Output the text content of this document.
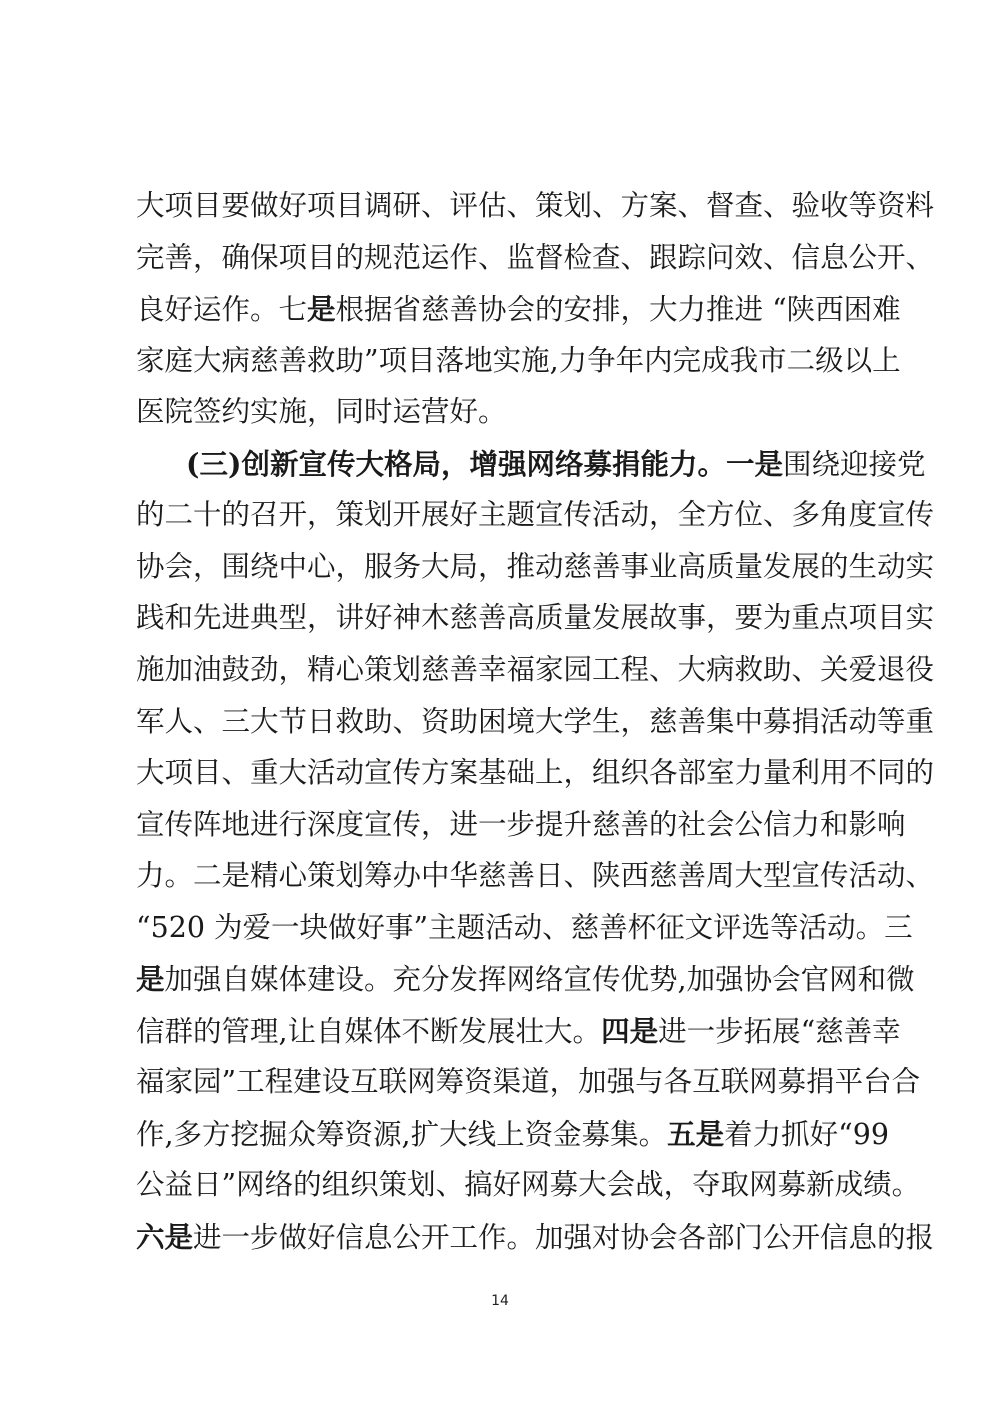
大项目要做好项目调研、评估、策划、方案、督查、验收等资料
完善，确保项目的规范运作、监督检查、跟踪问效、信息公开、
良好运作。七是根据省慈善协会的安排，大力推进 “陕西困难
家庭大病慈善救助”项目落地实施,力争年内完成我市二级以上
医院签约实施，同时运营好。
(三)创新宣传大格局，增强网络募捐能力。一是围绕迎接党
的二十的召开，策划开展好主题宣传活动，全方位、多角度宣传
协会，围绕中心，服务大局，推动慈善事业高质量发展的生动实
践和先进典型，讲好神木慈善高质量发展故事，要为重点项目实
施加油鼓劲，精心策划慈善幸福家园工程、大病救助、关爱退役
军人、三大节日救助、资助困境大学生，慈善集中募捐活动等重
大项目、重大活动宣传方案基础上，组织各部室力量利用不同的
宣传阵地进行深度宣传，进一步提升慈善的社会公信力和影响
力。二是精心策划筹办中华慈善日、陕西慈善周大型宣传活动、
“520 为爱一块做好事”主题活动、慈善杯征文评选等活动。三
是加强自媒体建设。充分发挥网络宣传优势,加强协会官网和微
信群的管理,让自媒体不断发展壮大。四是进一步拓展“慈善幸
福家园”工程建设互联网筹资渠道，加强与各互联网募捐平台合
作,多方挖掘众筹资源,扩大线上资金募集。五是着力抓好“99
公益日”网络的组织策划、搞好网募大会战，夺取网募新成绩。
六是进一步做好信息公开工作。加强对协会各部门公开信息的报
14
